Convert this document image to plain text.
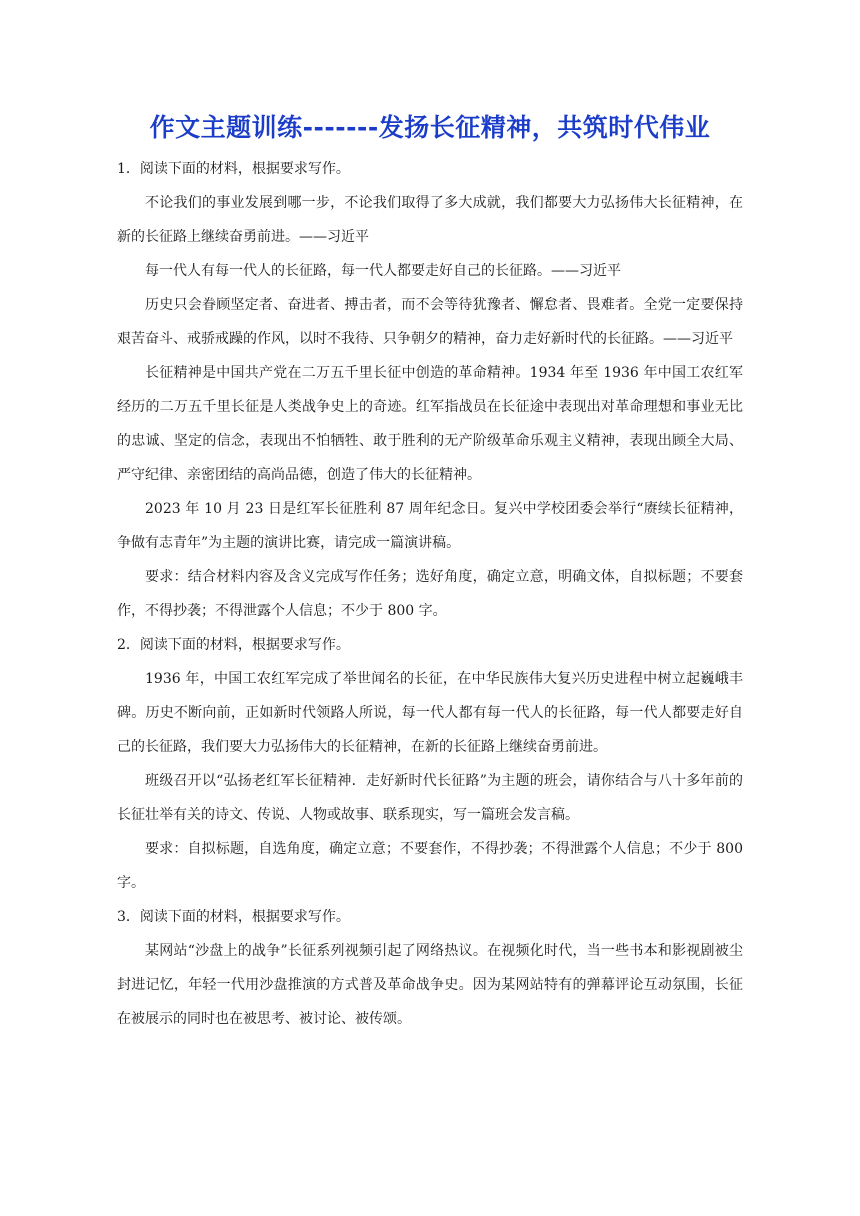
作文主题训练-------发扬长征精神，共筑时代伟业

1．阅读下面的材料，根据要求写作。

不论我们的事业发展到哪一步，不论我们取得了多大成就，我们都要大力弘扬伟大长征精神，在新的长征路上继续奋勇前进。——习近平

每一代人有每一代人的长征路，每一代人都要走好自己的长征路。——习近平

历史只会眷顾坚定者、奋进者、搏击者，而不会等待犹豫者、懈怠者、畏难者。全党一定要保持艰苦奋斗、戒骄戒躁的作风，以时不我待、只争朝夕的精神，奋力走好新时代的长征路。——习近平

长征精神是中国共产党在二万五千里长征中创造的革命精神。1934 年至 1936 年中国工农红军经历的二万五千里长征是人类战争史上的奇迹。红军指战员在长征途中表现出对革命理想和事业无比的忠诚、坚定的信念，表现出不怕牺牲、敢于胜利的无产阶级革命乐观主义精神，表现出顾全大局、严守纪律、亲密团结的高尚品德，创造了伟大的长征精神。

2023 年 10 月 23 日是红军长征胜利 87 周年纪念日。复兴中学校团委会举行“赓续长征精神，争做有志青年”为主题的演讲比赛，请完成一篇演讲稿。

要求：结合材料内容及含义完成写作任务；选好角度，确定立意，明确文体，自拟标题；不要套作，不得抄袭；不得泄露个人信息；不少于 800 字。

2．阅读下面的材料，根据要求写作。

1936 年，中国工农红军完成了举世闻名的长征，在中华民族伟大复兴历史进程中树立起巍峨丰碑。历史不断向前，正如新时代领路人所说，每一代人都有每一代人的长征路，每一代人都要走好自己的长征路，我们要大力弘扬伟大的长征精神，在新的长征路上继续奋勇前进。

班级召开以“弘扬老红军长征精神．走好新时代长征路”为主题的班会，请你结合与八十多年前的长征壮举有关的诗文、传说、人物或故事、联系现实，写一篇班会发言稿。

要求：自拟标题，自选角度，确定立意；不要套作，不得抄袭；不得泄露个人信息；不少于 800 字。

3．阅读下面的材料，根据要求写作。

某网站“沙盘上的战争”长征系列视频引起了网络热议。在视频化时代，当一些书本和影视剧被尘封进记忆，年轻一代用沙盘推演的方式普及革命战争史。因为某网站特有的弹幕评论互动氛围，长征在被展示的同时也在被思考、被讨论、被传颂。
